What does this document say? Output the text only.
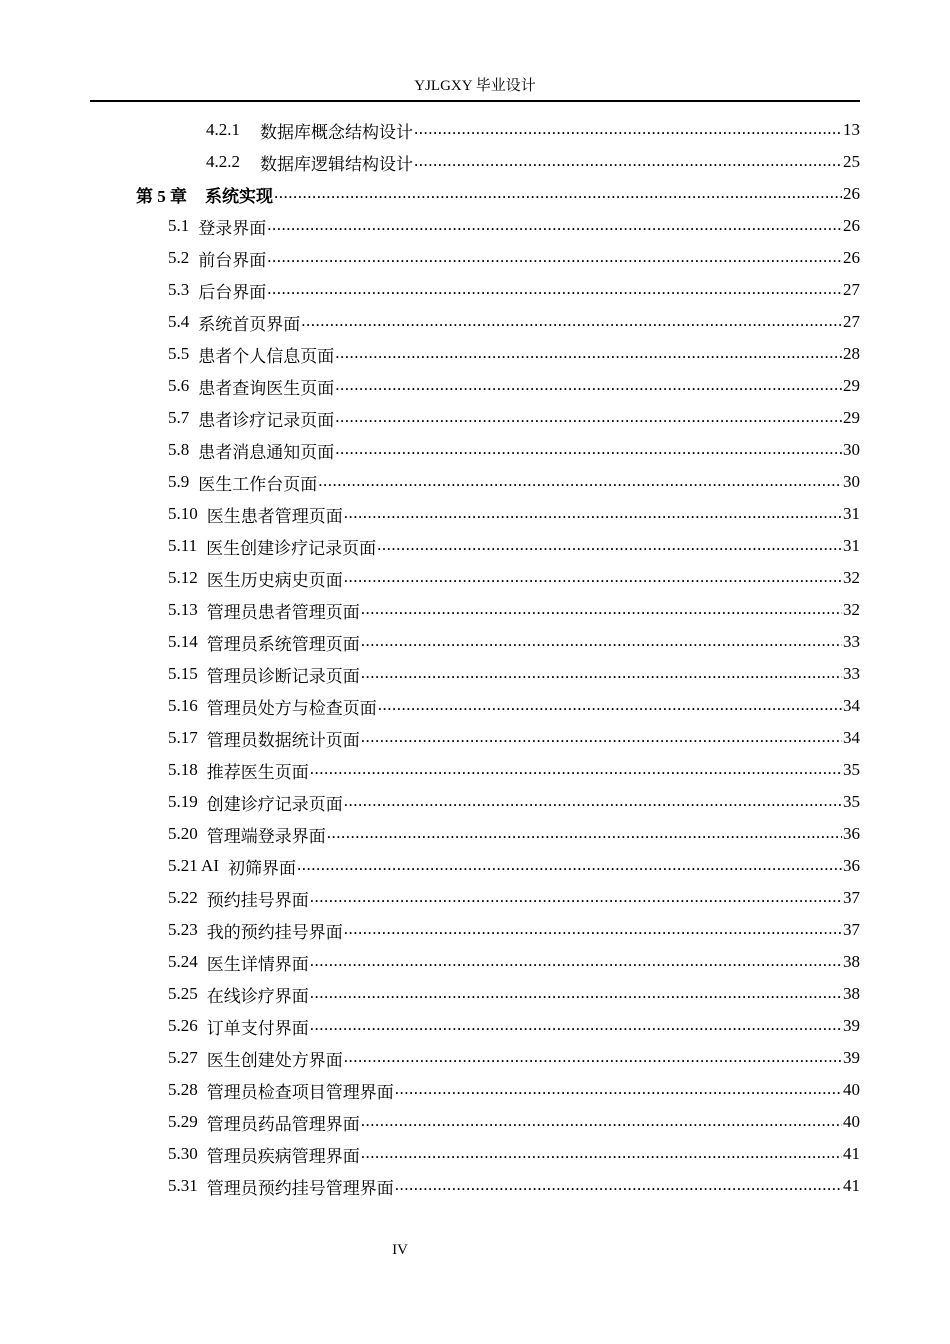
YJLGXY 毕业设计
4.2.1 数据库概念结构设计 .....	13
4.2.2 数据库逻辑结构设计 .....	25
第 5 章 系统实现 .....	26
5.1 登录界面 .....	26
5.2 前台界面 .....	26
5.3 后台界面 .....	27
5.4 系统首页界面 .....	27
5.5 患者个人信息页面 .....	28
5.6 患者查询医生页面 .....	29
5.7 患者诊疗记录页面 .....	29
5.8 患者消息通知页面 .....	30
5.9 医生工作台页面 .....	30
5.10 医生患者管理页面 .....	31
5.11 医生创建诊疗记录页面 .....	31
5.12 医生历史病史页面 .....	32
5.13 管理员患者管理页面 .....	32
5.14 管理员系统管理页面 .....	33
5.15 管理员诊断记录页面 .....	33
5.16 管理员处方与检查页面 .....	34
5.17 管理员数据统计页面 .....	34
5.18 推荐医生页面 .....	35
5.19 创建诊疗记录页面 .....	35
5.20 管理端登录界面 .....	36
5.21 AI 初筛界面 .....	36
5.22 预约挂号界面 .....	37
5.23 我的预约挂号界面 .....	37
5.24 医生详情界面 .....	38
5.25 在线诊疗界面 .....	38
5.26 订单支付界面 .....	39
5.27 医生创建处方界面 .....	39
5.28 管理员检查项目管理界面 .....	40
5.29 管理员药品管理界面 .....	40
5.30 管理员疾病管理界面 .....	41
5.31 管理员预约挂号管理界面 .....	41
IV
